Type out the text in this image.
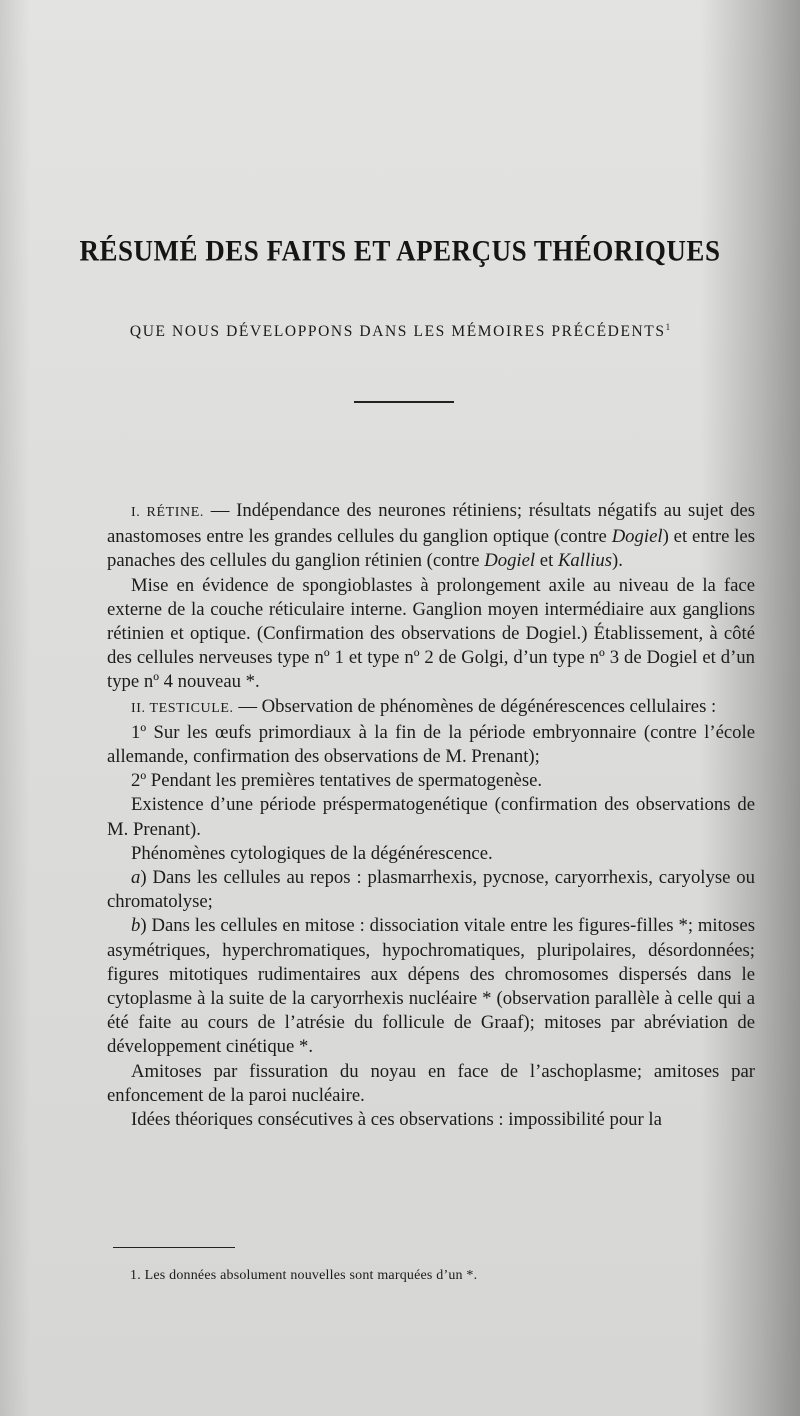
RÉSUMÉ DES FAITS ET APERÇUS THÉORIQUES
QUE NOUS DÉVELOPPONS DANS LES MÉMOIRES PRÉCÉDENTS$^1$

I. RÉTINE. — Indépendance des neurones rétiniens; résultats négatifs au sujet des anastomoses entre les grandes cellules du ganglion optique (contre Dogiel) et entre les panaches des cellules du ganglion rétinien (contre Dogiel et Kallius).

Mise en évidence de spongioblastes à prolongement axile au niveau de la face externe de la couche réticulaire interne. Ganglion moyen intermédiaire aux ganglions rétinien et optique. (Confirmation des observations de Dogiel.) Établissement, à côté des cellules nerveuses type nº 1 et type nº 2 de Golgi, d’un type nº 3 de Dogiel et d’un type nº 4 nouveau *.

II. TESTICULE. — Observation de phénomènes de dégénérescences cellulaires :

1º Sur les œufs primordiaux à la fin de la période embryonnaire (contre l’école allemande, confirmation des observations de M. Prenant);

2º Pendant les premières tentatives de spermatogenèse.

Existence d’une période préspermatogenétique (confirmation des observations de M. Prenant).

Phénomènes cytologiques de la dégénérescence.

a) Dans les cellules au repos : plasmarrhexis, pycnose, caryorrhexis, caryolyse ou chromatolyse;

b) Dans les cellules en mitose : dissociation vitale entre les figures-filles *; mitoses asymétriques, hyperchromatiques, hypochromatiques, pluripolaires, désordonnées; figures mitotiques rudimentaires aux dépens des chromosomes dispersés dans le cytoplasme à la suite de la caryorrhexis nucléaire * (observation parallèle à celle qui a été faite au cours de l’atrésie du follicule de Graaf); mitoses par abréviation de développement cinétique *.

Amitoses par fissuration du noyau en face de l’aschoplasme; amitoses par enfoncement de la paroi nucléaire.

Idées théoriques consécutives à ces observations : impossibilité pour la

1. Les données absolument nouvelles sont marquées d’un *.
